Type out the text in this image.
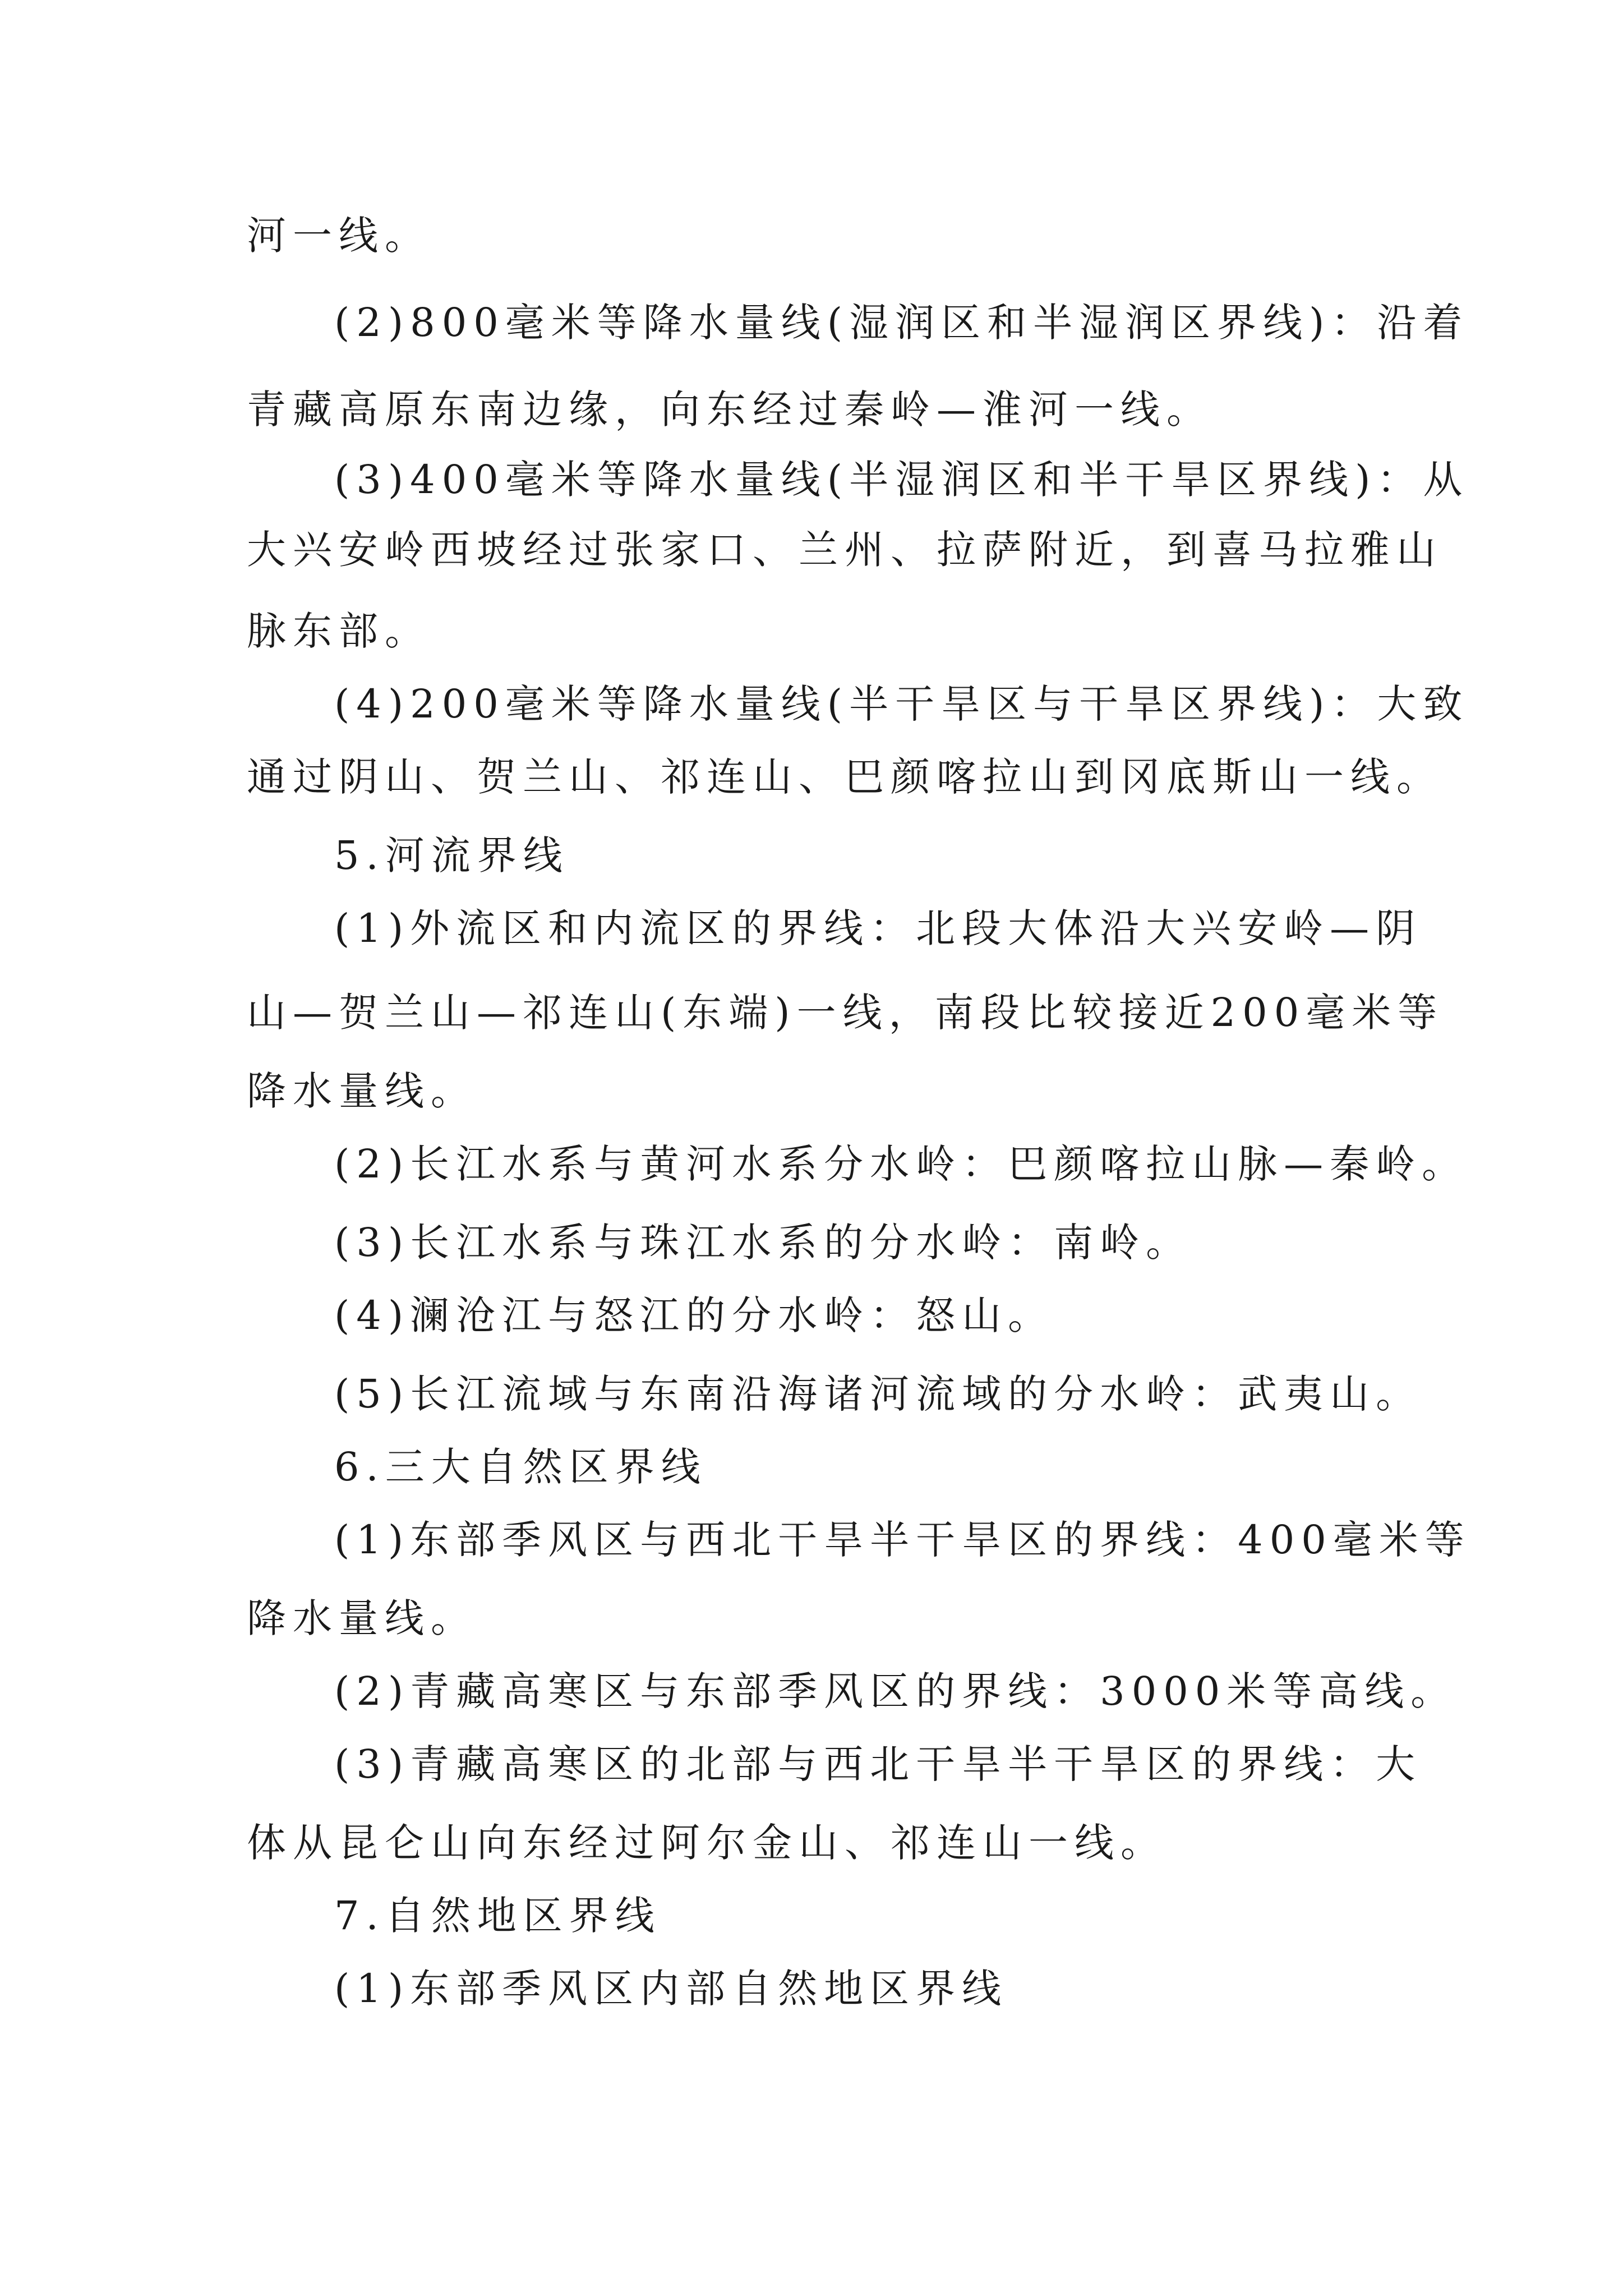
河一线。
(2)800毫米等降水量线(湿润区和半湿润区界线)：沿着
青藏高原东南边缘，向东经过秦岭—淮河一线。
(3)400毫米等降水量线(半湿润区和半干旱区界线)：从
大兴安岭西坡经过张家口、兰州、拉萨附近，到喜马拉雅山
脉东部。
(4)200毫米等降水量线(半干旱区与干旱区界线)：大致
通过阴山、贺兰山、祁连山、巴颜喀拉山到冈底斯山一线。
5.河流界线
(1)外流区和内流区的界线：北段大体沿大兴安岭—阴
山—贺兰山—祁连山(东端)一线，南段比较接近200毫米等
降水量线。
(2)长江水系与黄河水系分水岭：巴颜喀拉山脉—秦岭。
(3)长江水系与珠江水系的分水岭：南岭。
(4)澜沧江与怒江的分水岭：怒山。
(5)长江流域与东南沿海诸河流域的分水岭：武夷山。
6.三大自然区界线
(1)东部季风区与西北干旱半干旱区的界线：400毫米等
降水量线。
(2)青藏高寒区与东部季风区的界线：3000米等高线。
(3)青藏高寒区的北部与西北干旱半干旱区的界线：大
体从昆仑山向东经过阿尔金山、祁连山一线。
7.自然地区界线
(1)东部季风区内部自然地区界线
